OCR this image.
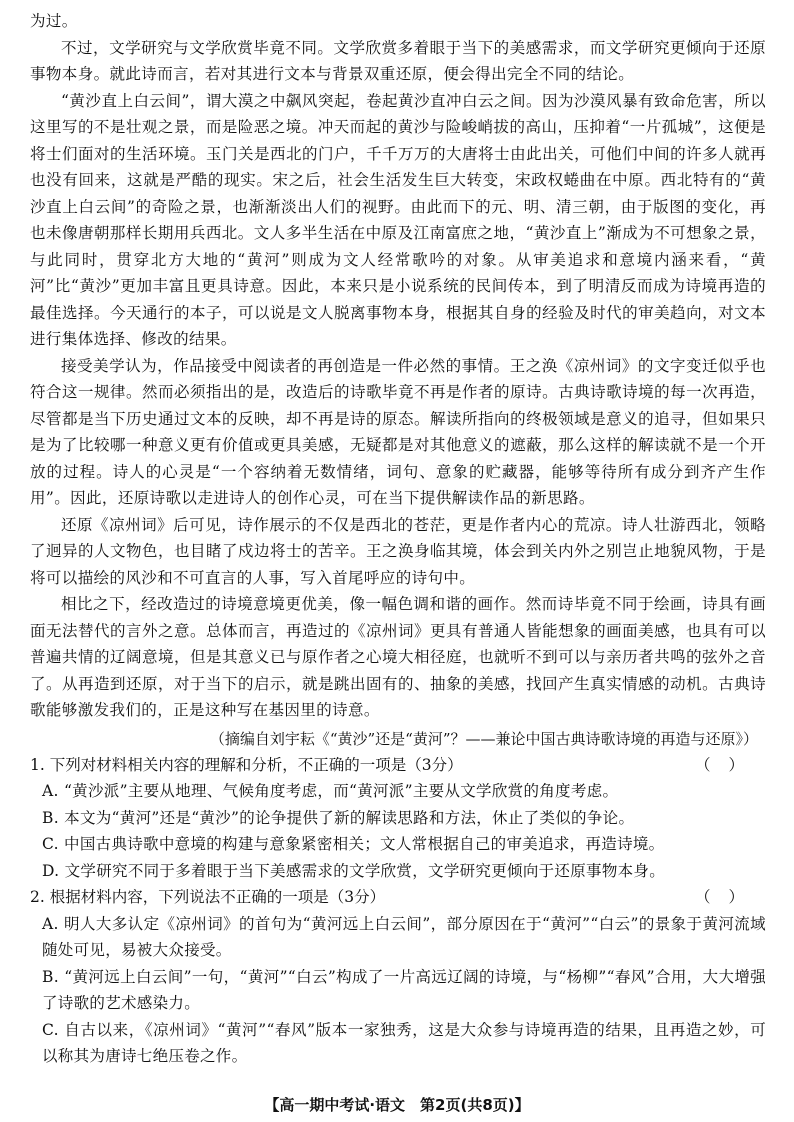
为过。

不过，文学研究与文学欣赏毕竟不同。文学欣赏多着眼于当下的美感需求，而文学研究更倾向于还原事物本身。就此诗而言，若对其进行文本与背景双重还原，便会得出完全不同的结论。

“黄沙直上白云间”，谓大漠之中飙风突起，卷起黄沙直冲白云之间。因为沙漠风暴有致命危害，所以这里写的不是壮观之景，而是险恶之境。冲天而起的黄沙与险峻峭拔的高山，压抑着“一片孤城”，这便是将士们面对的生活环境。玉门关是西北的门户，千千万万的大唐将士由此出关，可他们中间的许多人就再也没有回来，这就是严酷的现实。宋之后，社会生活发生巨大转变，宋政权蜷曲在中原。西北特有的“黄沙直上白云间”的奇险之景，也渐渐淡出人们的视野。由此而下的元、明、清三朝，由于版图的变化，再也未像唐朝那样长期用兵西北。文人多半生活在中原及江南富庶之地，“黄沙直上”渐成为不可想象之景，与此同时，贯穿北方大地的“黄河”则成为文人经常歌吟的对象。从审美追求和意境内涵来看，“黄河”比“黄沙”更加丰富且更具诗意。因此，本来只是小说系统的民间传本，到了明清反而成为诗境再造的最佳选择。今天通行的本子，可以说是文人脱离事物本身，根据其自身的经验及时代的审美趋向，对文本进行集体选择、修改的结果。

接受美学认为，作品接受中阅读者的再创造是一件必然的事情。王之涣《凉州词》的文字变迁似乎也符合这一规律。然而必须指出的是，改造后的诗歌毕竟不再是作者的原诗。古典诗歌诗境的每一次再造，尽管都是当下历史通过文本的反映，却不再是诗的原态。解读所指向的终极领域是意义的追寻，但如果只是为了比较哪一种意义更有价值或更具美感，无疑都是对其他意义的遮蔽，那么这样的解读就不是一个开放的过程。诗人的心灵是“一个容纳着无数情绪，词句、意象的贮藏器，能够等待所有成分到齐产生作用”。因此，还原诗歌以走进诗人的创作心灵，可在当下提供解读作品的新思路。

还原《凉州词》后可见，诗作展示的不仅是西北的苍茫，更是作者内心的荒凉。诗人壮游西北，领略了迥异的人文物色，也目睹了戍边将士的苦辛。王之涣身临其境，体会到关内外之别岂止地貌风物，于是将可以描绘的风沙和不可直言的人事，写入首尾呼应的诗句中。

相比之下，经改造过的诗境意境更优美，像一幅色调和谐的画作。然而诗毕竟不同于绘画，诗具有画面无法替代的言外之意。总体而言，再造过的《凉州词》更具有普通人皆能想象的画面美感，也具有可以普遍共情的辽阔意境，但是其意义已与原作者之心境大相径庭，也就听不到可以与亲历者共鸣的弦外之音了。从再造到还原，对于当下的启示，就是跳出固有的、抽象的美感，找回产生真实情感的动机。古典诗歌能够激发我们的，正是这种写在基因里的诗意。

（摘编自刘宇耘《“黄沙”还是“黄河”？——兼论中国古典诗歌诗境的再造与还原》）
1. 下列对材料相关内容的理解和分析，不正确的一项是（3分）	（）
A. “黄沙派”主要从地理、气候角度考虑，而“黄河派”主要从文学欣赏的角度考虑。
B. 本文为“黄河”还是“黄沙”的论争提供了新的解读思路和方法，休止了类似的争论。
C. 中国古典诗歌中意境的构建与意象紧密相关；文人常根据自己的审美追求，再造诗境。
D. 文学研究不同于多着眼于当下美感需求的文学欣赏，文学研究更倾向于还原事物本身。
2. 根据材料内容，下列说法不正确的一项是（3分）	（）
A. 明人大多认定《凉州词》的首句为“黄河远上白云间”，部分原因在于“黄河”“白云”的景象于黄河流域随处可见，易被大众接受。
B. “黄河远上白云间”一句，“黄河”“白云”构成了一片高远辽阔的诗境，与“杨柳”“春风”合用，大大增强了诗歌的艺术感染力。
C. 自古以来，《凉州词》“黄河”“春风”版本一家独秀，这是大众参与诗境再造的结果，且再造之妙，可以称其为唐诗七绝压卷之作。
【高一期中考试·语文　第2页(共8页)】
